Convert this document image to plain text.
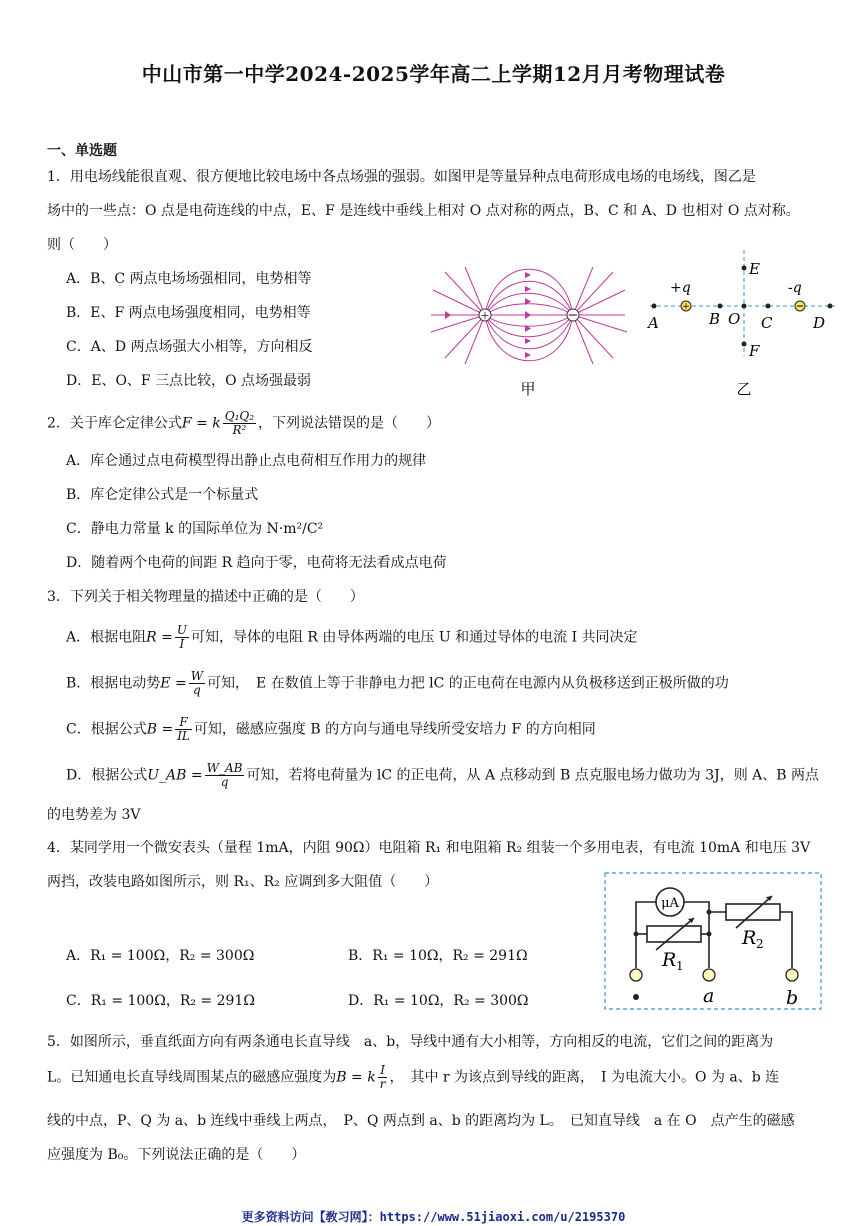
中山市第一中学2024-2025学年高二上学期12月月考物理试卷
一、单选题
1．用电场线能很直观、很方便地比较电场中各点场强的强弱。如图甲是等量异种点电荷形成电场的电场线，图乙是
场中的一些点：O 点是电荷连线的中点，E、F 是连线中垂线上相对 O 点对称的两点，B、C 和 A、D 也相对 O 点对称。
则（　　）
A．B、C 两点电场场强相同，电势相等
B．E、F 两点电场强度相同，电势相等
C．A、D 两点场强大小相等，方向相反
D．E、O、F 三点比较，O 点场强最弱
+
甲
+
+q	-q
A	B O C	D
E
F
乙
2．关于库仑定律公式F = k $\frac{\text{Q₁Q₂}}{\text{R²}}$ ，下列说法错误的是（　　）
A．库仑通过点电荷模型得出静止点电荷相互作用力的规律
B．库仑定律公式是一个标量式
C．静电力常量 k 的国际单位为 N·m²/C²
D．随着两个电荷的间距 R 趋向于零，电荷将无法看成点电荷
3．下列关于相关物理量的描述中正确的是（　　）
A．根据电阻$R = \frac{U}{I}$ 可知，导体的电阻 R 由导体两端的电压 U 和通过导体的电流 I 共同决定
B．根据电动势$E = \frac{W}{q}$ 可知，　E 在数值上等于非静电力把 lC 的正电荷在电源内从负极移送到正极所做的功
C．根据公式$B = \frac{F}{IL}$ 可知，磁感应强度 B 的方向与通电导线所受安培力 F 的方向相同
D．根据公式U_AB = $\frac{W\_AB}{q}$ 可知，若将电荷量为 lC 的正电荷，从 A 点移动到 B 点克服电场力做功为 3J，则 A、B 两点
的电势差为 3V
4．某同学用一个微安表头（量程 1mA，内阻 90Ω）电阻箱 R₁ 和电阻箱 R₂ 组装一个多用电表，有电流 10mA 和电压 3V
两挡，改装电路如图所示，则 R₁、R₂ 应调到多大阻值（　　）
A．R₁ = 100Ω，R₂ = 300Ω	B．R₁ = 10Ω，R₂ = 291Ω
C．R₁ = 100Ω，R₂ = 291Ω	D．R₁ = 10Ω，R₂ = 300Ω
μA
R 1
R 2
a	b
5．如图所示，垂直纸面方向有两条通电长直导线　a、b，导线中通有大小相等，方向相反的电流，它们之间的距离为
L。已知通电长直导线周围某点的磁感应强度为B = k $\frac{I}{r}$ ，　其中 r 为该点到导线的距离，　I 为电流大小。O 为 a、b 连
线的中点，P、Q 为 a、b 连线中垂线上两点，　P、Q 两点到 a、b 的距离均为 L。　已知直导线　a 在 O　点产生的磁感
应强度为 B₀。下列说法正确的是（　　）
更多资料访问【敎习网】：https://www.51jiaoxi.com/u/2195370
